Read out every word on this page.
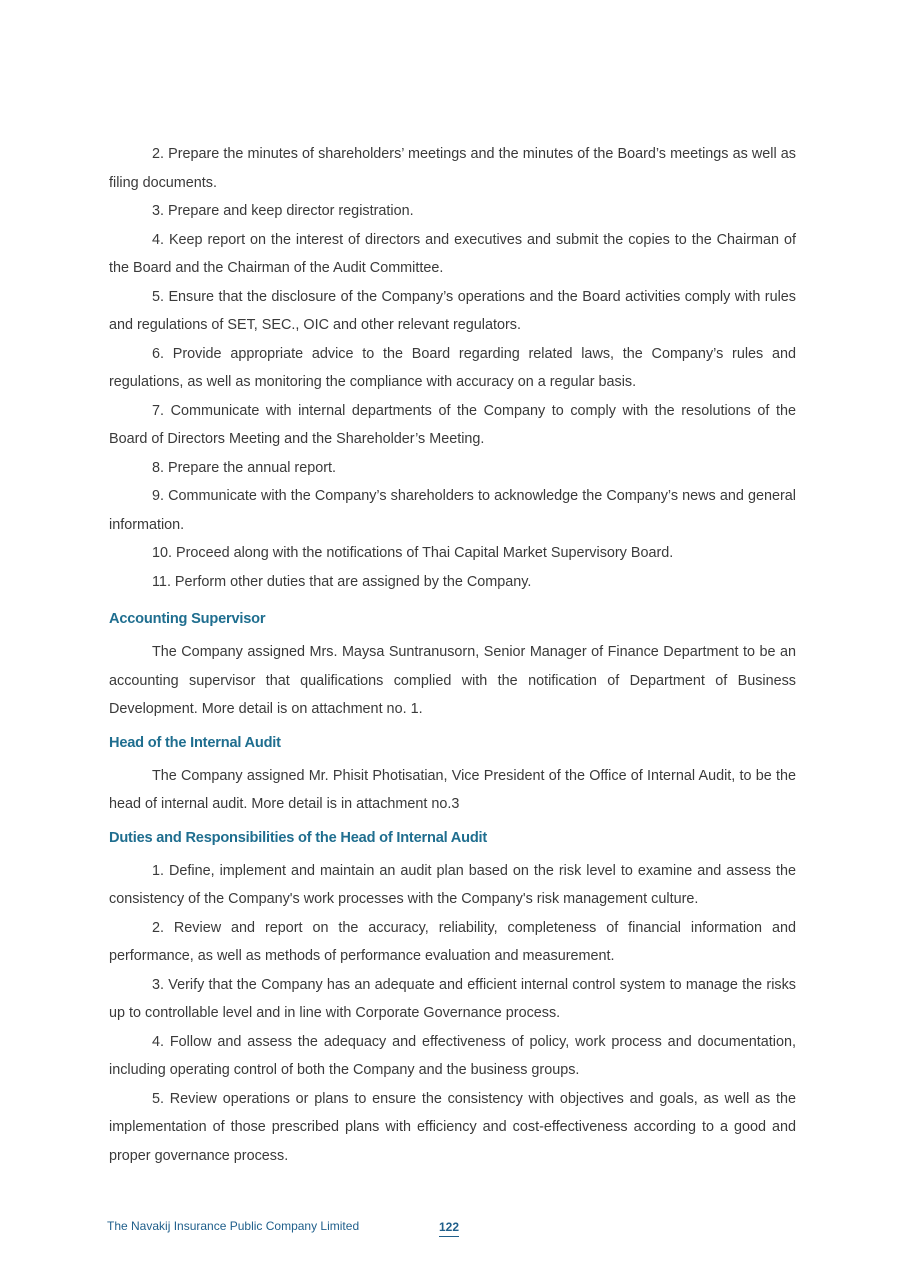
2. Prepare the minutes of shareholders’ meetings and the minutes of the Board’s meetings as well as filing documents.

3. Prepare and keep director registration.

4. Keep report on the interest of directors and executives and submit the copies to the Chairman of the Board and the Chairman of the Audit Committee.

5. Ensure that the disclosure of the Company’s operations and the Board activities comply with rules and regulations of SET, SEC., OIC and other relevant regulators.

6. Provide appropriate advice to the Board regarding related laws, the Company’s rules and regulations, as well as monitoring the compliance with accuracy on a regular basis.

7. Communicate with internal departments of the Company to comply with the resolutions of the Board of Directors Meeting and the Shareholder’s Meeting.

8. Prepare the annual report.

9. Communicate with the Company’s shareholders to acknowledge the Company’s news and general information.

10. Proceed along with the notifications of Thai Capital Market Supervisory Board.

11. Perform other duties that are assigned by the Company.

Accounting Supervisor

The Company assigned Mrs. Maysa Suntranusorn, Senior Manager of Finance Department to be an accounting supervisor that qualifications complied with the notification of Department of Business Development. More detail is on attachment no. 1.

Head of the Internal Audit

The Company assigned Mr. Phisit Photisatian, Vice President of the Office of Internal Audit, to be the head of internal audit. More detail is in attachment no.3

Duties and Responsibilities of the Head of Internal Audit

1. Define, implement and maintain an audit plan based on the risk level to examine and assess the consistency of the Company's work processes with the Company's risk management culture.

2. Review and report on the accuracy, reliability, completeness of financial information and performance, as well as methods of performance evaluation and measurement.

3. Verify that the Company has an adequate and efficient internal control system to manage the risks up to controllable level and in line with Corporate Governance process.

4. Follow and assess the adequacy and effectiveness of policy, work process and documentation, including operating control of both the Company and the business groups.

5. Review operations or plans to ensure the consistency with objectives and goals, as well as the implementation of those prescribed plans with efficiency and cost-effectiveness according to a good and proper governance process.

The Navakij Insurance Public Company Limited	122
